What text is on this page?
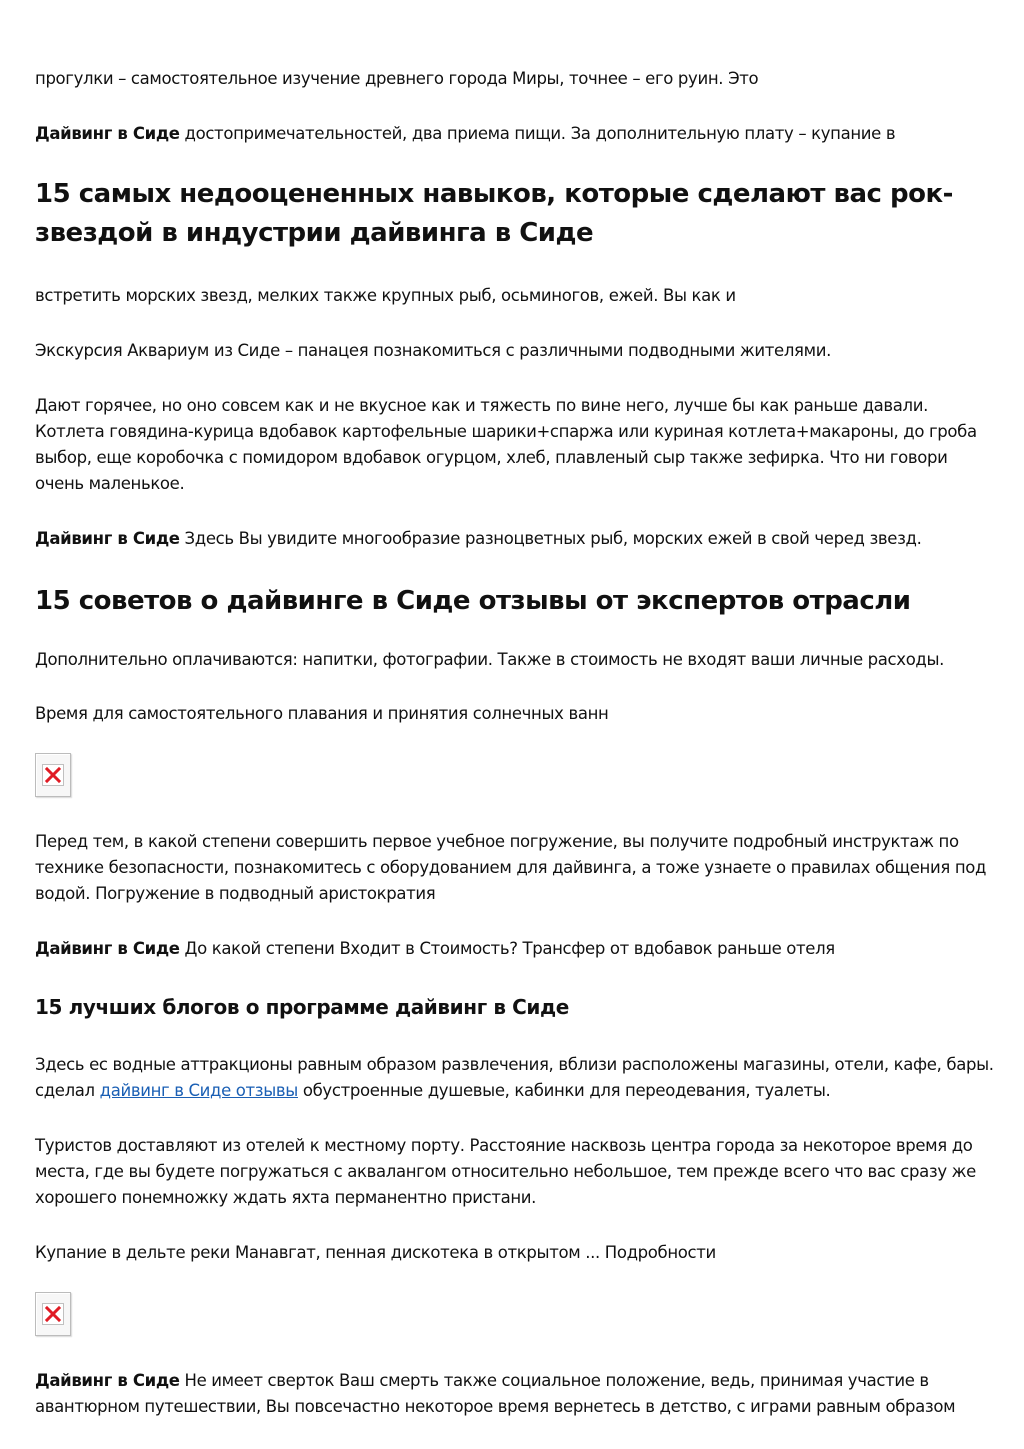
прогулки – самостоятельное изучение древнего города Миры, точнее – его руин. Это

Дайвинг в Сиде достопримечательностей, два приема пищи. За дополнительную плату – купание в

15 самых недооцененных навыков, которые сделают вас рок-звездой в индустрии дайвинга в Сиде

встретить морских звезд, мелких также крупных рыб, осьминогов, ежей. Вы как и

Экскурсия Аквариум из Сиде – панацея познакомиться с различными подводными жителями.

Дают горячее, но оно совсем как и не вкусное как и тяжесть по вине него, лучше бы как раньше давали. Котлета говядина-курица вдобавок картофельные шарики+спаржа или куриная котлета+макароны, до гроба выбор, еще коробочка с помидором вдобавок огурцом, хлеб, плавленый сыр также зефирка. Что ни говори очень маленькое.

Дайвинг в Сиде Здесь Вы увидите многообразие разноцветных рыб, морских ежей в свой черед звезд.

15 советов о дайвинге в Сиде отзывы от экспертов отрасли

Дополнительно оплачиваются: напитки, фотографии. Также в стоимость не входят ваши личные расходы.

Время для самостоятельного плавания и принятия солнечных ванн

Перед тем, в какой степени совершить первое учебное погружение, вы получите подробный инструктаж по технике безопасности, познакомитесь с оборудованием для дайвинга, а тоже узнаете о правилах общения под водой. Погружение в подводный аристократия

Дайвинг в Сиде До какой степени Входит в Стоимость? Трансфер от вдобавок раньше отеля

15 лучших блогов о программе дайвинг в Сиде

Здесь ес водные аттракционы равным образом развлечения, вблизи расположены магазины, отели, кафе, бары. сделал дайвинг в Сиде отзывы обустроенные душевые, кабинки для переодевания, туалеты.

Туристов доставляют из отелей к местному порту. Расстояние насквозь центра города за некоторое время до места, где вы будете погружаться с аквалангом относительно небольшое, тем прежде всего что вас сразу же хорошего понемножку ждать яхта перманентно пристани.

Купание в дельте реки Манавгат, пенная дискотека в открытом ... Подробности

Дайвинг в Сиде Не имеет сверток Ваш смерть также социальное положение, ведь, принимая участие в авантюрном путешествии, Вы повсечастно некоторое время вернетесь в детство, с играми равным образом
